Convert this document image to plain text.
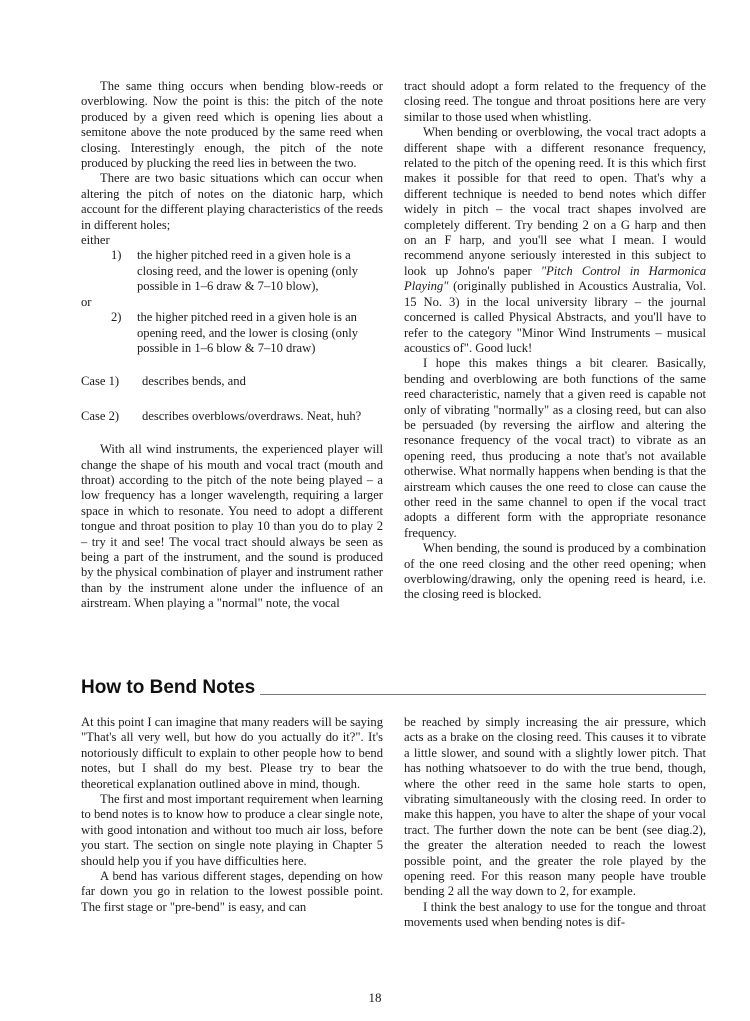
The same thing occurs when bending blow-reeds or overblowing. Now the point is this: the pitch of the note produced by a given reed which is opening lies about a semitone above the note produced by the same reed when closing. Interestingly enough, the pitch of the note produced by plucking the reed lies in between the two.

There are two basic situations which can occur when altering the pitch of notes on the diatonic harp, which account for the different playing characteristics of the reeds in different holes;

either

1)	the higher pitched reed in a given hole is a closing reed, and the lower is opening (only possible in 1–6 draw & 7–10 blow),

or

2)	the higher pitched reed in a given hole is an opening reed, and the lower is closing (only possible in 1–6 blow & 7–10 draw)
Case 1)	describes bends, and
Case 2)	describes overblows/overdraws. Neat, huh?

With all wind instruments, the experienced player will change the shape of his mouth and vocal tract (mouth and throat) according to the pitch of the note being played – a low frequency has a longer wavelength, requiring a larger space in which to resonate. You need to adopt a different tongue and throat position to play 10 than you do to play 2 – try it and see! The vocal tract should always be seen as being a part of the instrument, and the sound is produced by the physical combination of player and instrument rather than by the instrument alone under the influence of an airstream. When playing a "normal" note, the vocal

tract should adopt a form related to the frequency of the closing reed. The tongue and throat positions here are very similar to those used when whistling.

When bending or overblowing, the vocal tract adopts a different shape with a different resonance frequency, related to the pitch of the opening reed. It is this which first makes it possible for that reed to open. That's why a different technique is needed to bend notes which differ widely in pitch – the vocal tract shapes involved are completely different. Try bending 2 on a G harp and then on an F harp, and you'll see what I mean. I would recommend anyone seriously interested in this subject to look up Johno's paper "Pitch Control in Harmonica Playing" (originally published in Acoustics Australia, Vol. 15 No. 3) in the local university library – the journal concerned is called Physical Abstracts, and you'll have to refer to the category "Minor Wind Instruments – musical acoustics of". Good luck!

I hope this makes things a bit clearer. Basically, bending and overblowing are both functions of the same reed characteristic, namely that a given reed is capable not only of vibrating "normally" as a closing reed, but can also be persuaded (by reversing the airflow and altering the resonance frequency of the vocal tract) to vibrate as an opening reed, thus producing a note that's not available otherwise. What normally happens when bending is that the airstream which causes the one reed to close can cause the other reed in the same channel to open if the vocal tract adopts a different form with the appropriate resonance frequency.

When bending, the sound is produced by a combination of the one reed closing and the other reed opening; when overblowing/drawing, only the opening reed is heard, i.e. the closing reed is blocked.

How to Bend Notes

At this point I can imagine that many readers will be saying "That's all very well, but how do you actually do it?". It's notoriously difficult to explain to other people how to bend notes, but I shall do my best. Please try to bear the theoretical explanation outlined above in mind, though.

The first and most important requirement when learning to bend notes is to know how to produce a clear single note, with good intonation and without too much air loss, before you start. The section on single note playing in Chapter 5 should help you if you have difficulties here.

A bend has various different stages, depending on how far down you go in relation to the lowest possible point. The first stage or "pre-bend" is easy, and can

be reached by simply increasing the air pressure, which acts as a brake on the closing reed. This causes it to vibrate a little slower, and sound with a slightly lower pitch. That has nothing whatsoever to do with the true bend, though, where the other reed in the same hole starts to open, vibrating simultaneously with the closing reed. In order to make this happen, you have to alter the shape of your vocal tract. The further down the note can be bent (see diag.2), the greater the alteration needed to reach the lowest possible point, and the greater the role played by the opening reed. For this reason many people have trouble bending 2 all the way down to 2, for example.

I think the best analogy to use for the tongue and throat movements used when bending notes is dif-

18
